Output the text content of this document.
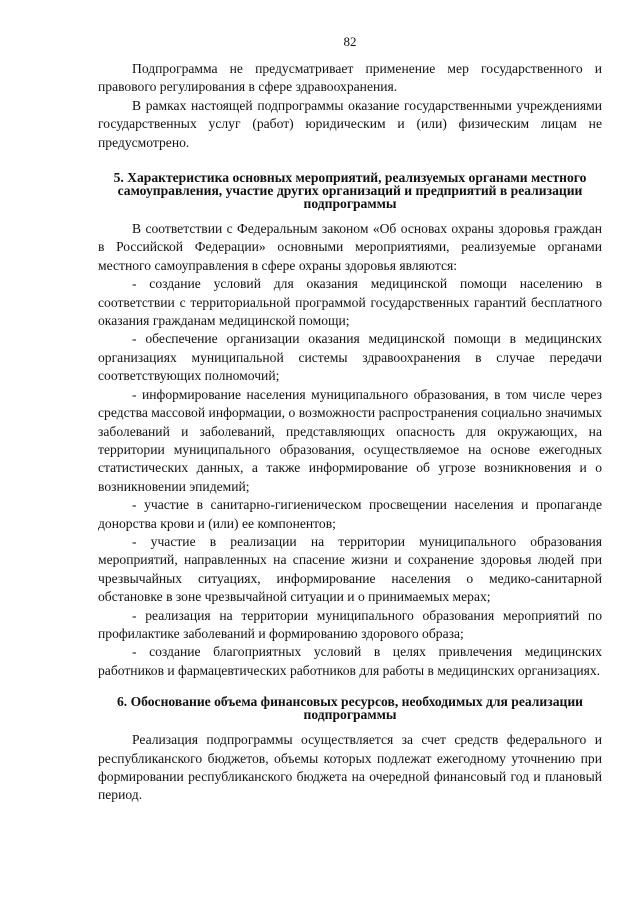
82

Подпрограмма не предусматривает применение мер государственного и правового регулирования в сфере здравоохранения.

В рамках настоящей подпрограммы оказание государственными учреждениями государственных услуг (работ) юридическим и (или) физическим лицам не предусмотрено.

5. Характеристика основных мероприятий, реализуемых органами местного самоуправления, участие других организаций и предприятий в реализации подпрограммы

В соответствии с Федеральным законом «Об основах охраны здоровья граждан в Российской Федерации» основными мероприятиями, реализуемые органами местного самоуправления в сфере охраны здоровья являются:

- создание условий для оказания медицинской помощи населению в соответствии с территориальной программой государственных гарантий бесплатного оказания гражданам медицинской помощи;

- обеспечение организации оказания медицинской помощи в медицинских организациях муниципальной системы здравоохранения в случае передачи соответствующих полномочий;

- информирование населения муниципального образования, в том числе через средства массовой информации, о возможности распространения социально значимых заболеваний и заболеваний, представляющих опасность для окружающих, на территории муниципального образования, осуществляемое на основе ежегодных статистических данных, а также информирование об угрозе возникновения и о возникновении эпидемий;

- участие в санитарно-гигиеническом просвещении населения и пропаганде донорства крови и (или) ее компонентов;

- участие в реализации на территории муниципального образования мероприятий, направленных на спасение жизни и сохранение здоровья людей при чрезвычайных ситуациях, информирование населения о медико-санитарной обстановке в зоне чрезвычайной ситуации и о принимаемых мерах;

- реализация на территории муниципального образования мероприятий по профилактике заболеваний и формированию здорового образа;

- создание благоприятных условий в целях привлечения медицинских работников и фармацевтических работников для работы в медицинских организациях.

6. Обоснование объема финансовых ресурсов, необходимых для реализации подпрограммы

Реализация подпрограммы осуществляется за счет средств федерального и республиканского бюджетов, объемы которых подлежат ежегодному уточнению при формировании республиканского бюджета на очередной финансовый год и плановый период.
